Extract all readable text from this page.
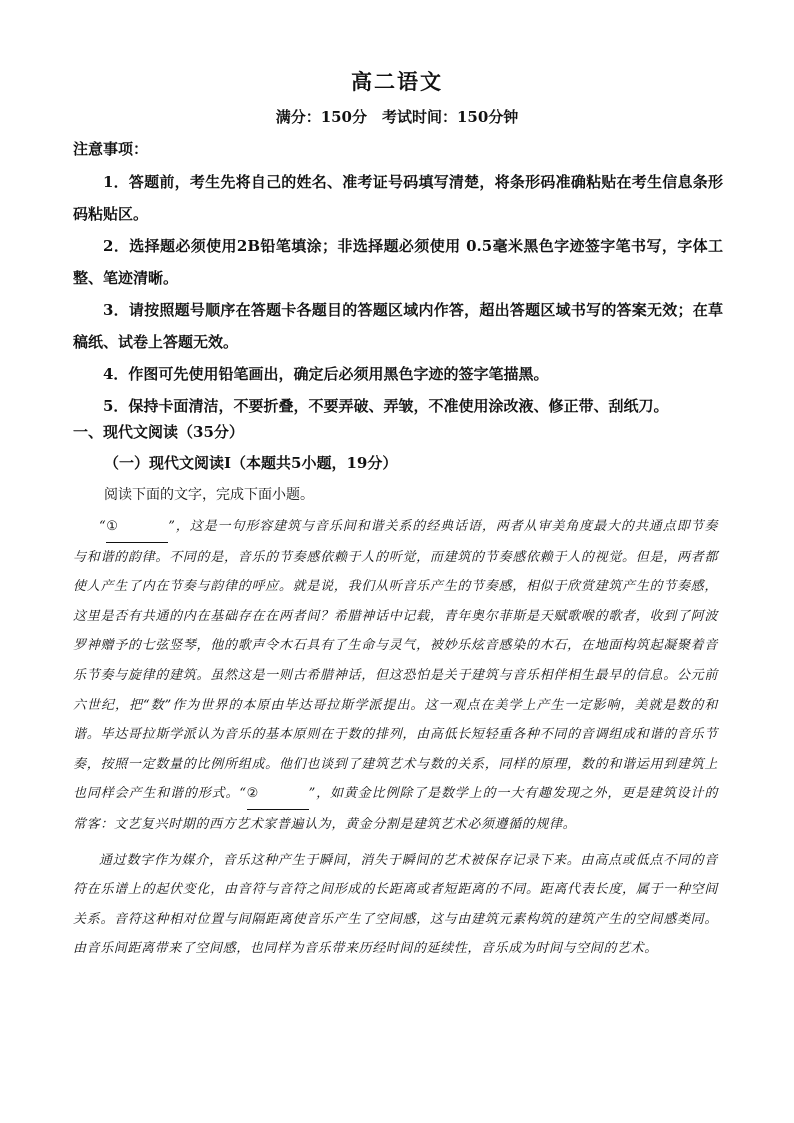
高二语文
满分：150分　考试时间：150分钟
注意事项：

1．答题前，考生先将自己的姓名、准考证号码填写清楚，将条形码准确粘贴在考生信息条形码粘贴区。

2．选择题必须使用2B铅笔填涂；非选择题必须使用 0.5毫米黑色字迹签字笔书写，字体工整、笔迹清晰。

3．请按照题号顺序在答题卡各题目的答题区域内作答，超出答题区域书写的答案无效；在草稿纸、试卷上答题无效。

4．作图可先使用铅笔画出，确定后必须用黑色字迹的签字笔描黑。

5．保持卡面清洁，不要折叠，不要弄破、弄皱，不准使用涂改液、修正带、刮纸刀。

一、现代文阅读（35分）
（一）现代文阅读Ⅰ（本题共5小题，19分）
阅读下面的文字，完成下面小题。

“①	”，这是一句形容建筑与音乐间和谐关系的经典话语，两者从审美角度最大的共通点即节奏与和谐的韵律。不同的是，音乐的节奏感依赖于人的听觉，而建筑的节奏感依赖于人的视觉。但是，两者都使人产生了内在节奏与韵律的呼应。就是说，我们从听音乐产生的节奏感，相似于欣赏建筑产生的节奏感，这里是否有共通的内在基础存在在两者间？希腊神话中记载，青年奥尔菲斯是天赋歌喉的歌者，收到了阿波罗神赠予的七弦竖琴，他的歌声令木石具有了生命与灵气，被妙乐炫音感染的木石，在地面构筑起凝聚着音乐节奏与旋律的建筑。虽然这是一则古希腊神话，但这恐怕是关于建筑与音乐相伴相生最早的信息。公元前六世纪，把“数”作为世界的本原由毕达哥拉斯学派提出。这一观点在美学上产生一定影响，美就是数的和谐。毕达哥拉斯学派认为音乐的基本原则在于数的排列，由高低长短轻重各种不同的音调组成和谐的音乐节奏，按照一定数量的比例所组成。他们也谈到了建筑艺术与数的关系，同样的原理，数的和谐运用到建筑上也同样会产生和谐的形式。“②	”，如黄金比例除了是数学上的一大有趣发现之外，更是建筑设计的常客：文艺复兴时期的西方艺术家普遍认为，黄金分割是建筑艺术必须遵循的规律。

通过数字作为媒介，音乐这种产生于瞬间，消失于瞬间的艺术被保存记录下来。由高点或低点不同的音符在乐谱上的起伏变化，由音符与音符之间形成的长距离或者短距离的不同。距离代表长度，属于一种空间关系。音符这种相对位置与间隔距离使音乐产生了空间感，这与由建筑元素构筑的建筑产生的空间感类同。由音乐间距离带来了空间感，也同样为音乐带来历经时间的延续性，音乐成为时间与空间的艺术。
